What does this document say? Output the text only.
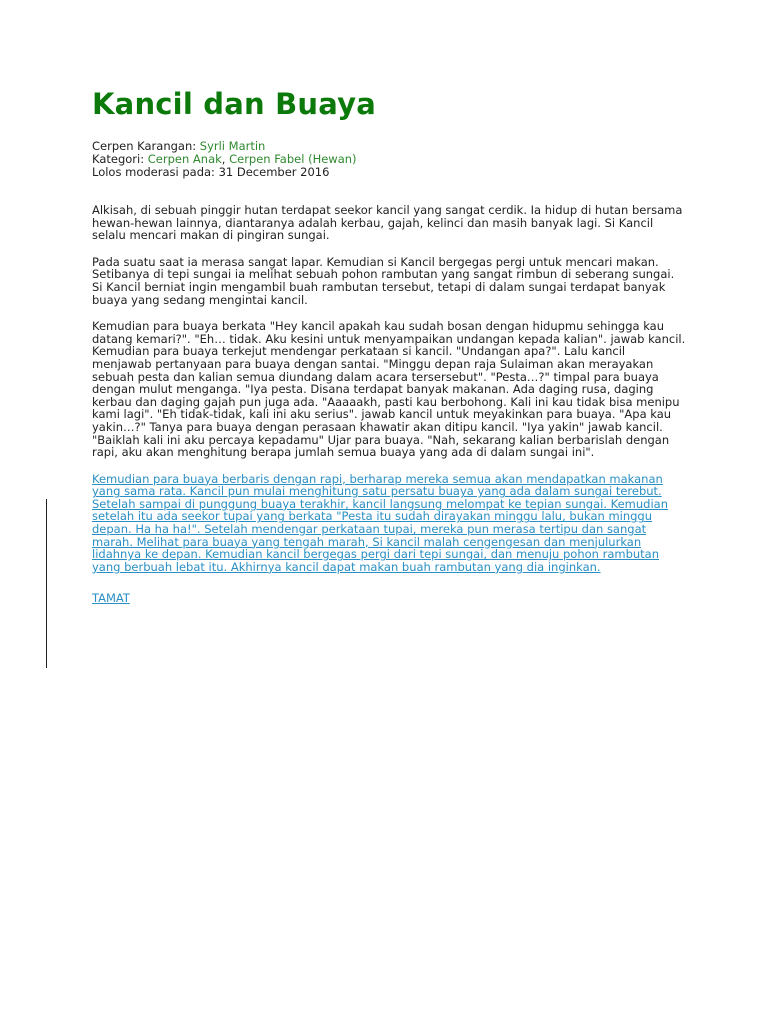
Kancil dan Buaya
Cerpen Karangan: Syrli Martin
Kategori: Cerpen Anak, Cerpen Fabel (Hewan)
Lolos moderasi pada: 31 December 2016

Alkisah, di sebuah pinggir hutan terdapat seekor kancil yang sangat cerdik. Ia hidup di hutan bersama hewan-hewan lainnya, diantaranya adalah kerbau, gajah, kelinci dan masih banyak lagi. Si Kancil selalu mencari makan di pingiran sungai.

Pada suatu saat ia merasa sangat lapar. Kemudian si Kancil bergegas pergi untuk mencari makan. Setibanya di tepi sungai ia melihat sebuah pohon rambutan yang sangat rimbun di seberang sungai. Si Kancil berniat ingin mengambil buah rambutan tersebut, tetapi di dalam sungai terdapat banyak buaya yang sedang mengintai kancil.

Kemudian para buaya berkata "Hey kancil apakah kau sudah bosan dengan hidupmu sehingga kau datang kemari?". "Eh… tidak. Aku kesini untuk menyampaikan undangan kepada kalian". jawab kancil. Kemudian para buaya terkejut mendengar perkataan si kancil. "Undangan apa?". Lalu kancil menjawab pertanyaan para buaya dengan santai. "Minggu depan raja Sulaiman akan merayakan sebuah pesta dan kalian semua diundang dalam acara tersersebut". "Pesta…?" timpal para buaya dengan mulut menganga. "Iya pesta. Disana terdapat banyak makanan. Ada daging rusa, daging kerbau dan daging gajah pun juga ada. "Aaaaakh, pasti kau berbohong. Kali ini kau tidak bisa menipu kami lagi". "Eh tidak-tidak, kali ini aku serius". jawab kancil untuk meyakinkan para buaya. "Apa kau yakin…?" Tanya para buaya dengan perasaan khawatir akan ditipu kancil. "Iya yakin" jawab kancil. "Baiklah kali ini aku percaya kepadamu" Ujar para buaya. "Nah, sekarang kalian berbarislah dengan rapi, aku akan menghitung berapa jumlah semua buaya yang ada di dalam sungai ini".

Kemudian para buaya berbaris dengan rapi, berharap mereka semua akan mendapatkan makanan yang sama rata. Kancil pun mulai menghitung satu persatu buaya yang ada dalam sungai terebut. Setelah sampai di punggung buaya terakhir, kancil langsung melompat ke tepian sungai. Kemudian setelah itu ada seekor tupai yang berkata "Pesta itu sudah dirayakan minggu lalu, bukan minggu depan. Ha ha ha!". Setelah mendengar perkataan tupai, mereka pun merasa tertipu dan sangat marah. Melihat para buaya yang tengah marah, Si kancil malah cengengesan dan menjulurkan lidahnya ke depan. Kemudian kancil bergegas pergi dari tepi sungai, dan menuju pohon rambutan yang berbuah lebat itu. Akhirnya kancil dapat makan buah rambutan yang dia inginkan.

TAMAT
